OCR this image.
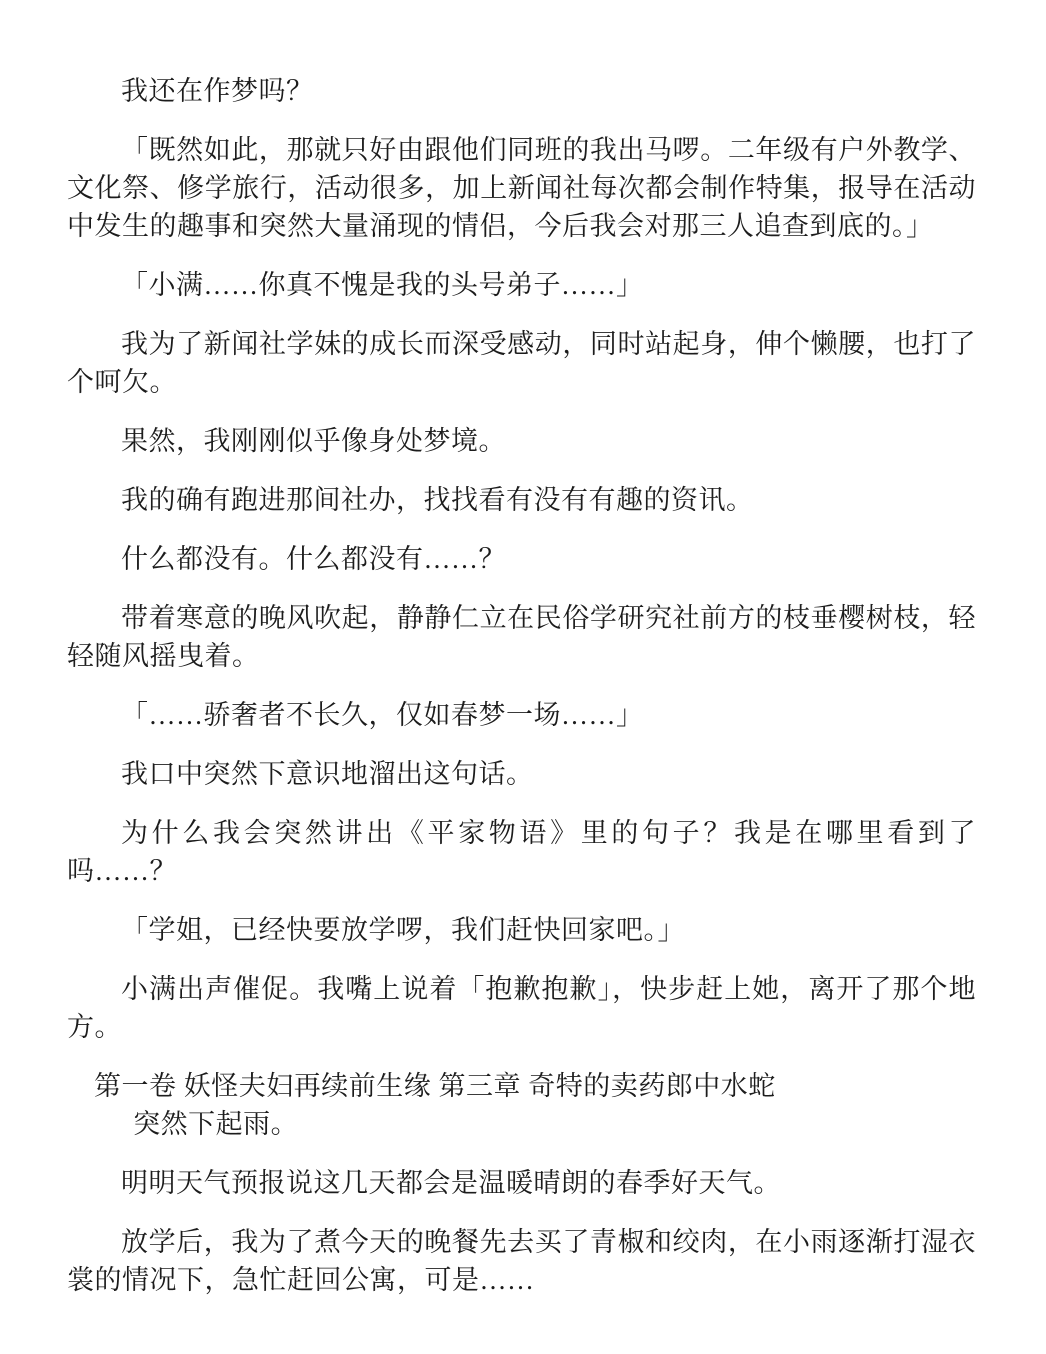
我还在作梦吗？

「既然如此，那就只好由跟他们同班的我出马啰。二年级有户外教学、文化祭、修学旅行，活动很多，加上新闻社每次都会制作特集，报导在活动中发生的趣事和突然大量涌现的情侣，今后我会对那三人追查到底的。」

「小满……你真不愧是我的头号弟子……」

我为了新闻社学妹的成长而深受感动，同时站起身，伸个懒腰，也打了个呵欠。

果然，我刚刚似乎像身处梦境。

我的确有跑进那间社办，找找看有没有有趣的资讯。

什么都没有。什么都没有……？

带着寒意的晚风吹起，静静仁立在民俗学研究社前方的枝垂樱树枝，轻轻随风摇曳着。

「……骄奢者不长久，仅如春梦一场……」

我口中突然下意识地溜出这句话。

为什么我会突然讲出《平家物语》里的句子？我是在哪里看到了吗……？

「学姐，已经快要放学啰，我们赶快回家吧。」

小满出声催促。我嘴上说着「抱歉抱歉」，快步赶上她，离开了那个地方。

第一卷 妖怪夫妇再续前生缘 第三章 奇特的卖药郎中水蛇

突然下起雨。

明明天气预报说这几天都会是温暖晴朗的春季好天气。

放学后，我为了煮今天的晚餐先去买了青椒和绞肉，在小雨逐渐打湿衣裳的情况下，急忙赶回公寓，可是……
